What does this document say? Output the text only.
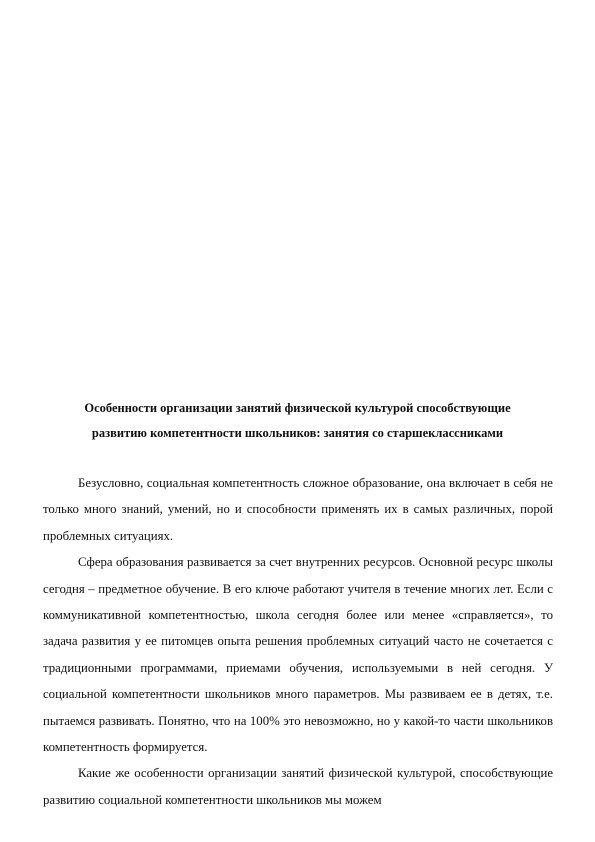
Особенности организации занятий физической культурой способствующие
развитию компетентности школьников: занятия со старшеклассниками

Безусловно, социальная компетентность сложное образование, она включает в себя не только много знаний, умений, но и способности применять их в самых различных, порой проблемных ситуациях.

Сфера образования развивается за счет внутренних ресурсов. Основной ресурс школы сегодня – предметное обучение. В его ключе работают учителя в течение многих лет. Если с коммуникативной компетентностью, школа сегодня более или менее «справляется», то задача развития у ее питомцев опыта решения проблемных ситуаций часто не сочетается с традиционными программами, приемами обучения, используемыми в ней сегодня. У социальной компетентности школьников много параметров. Мы развиваем ее в детях, т.е. пытаемся развивать. Понятно, что на 100% это невозможно, но у какой-то части школьников компетентность формируется.

Какие же особенности организации занятий физической культурой, способствующие развитию социальной компетентности школьников мы можем
